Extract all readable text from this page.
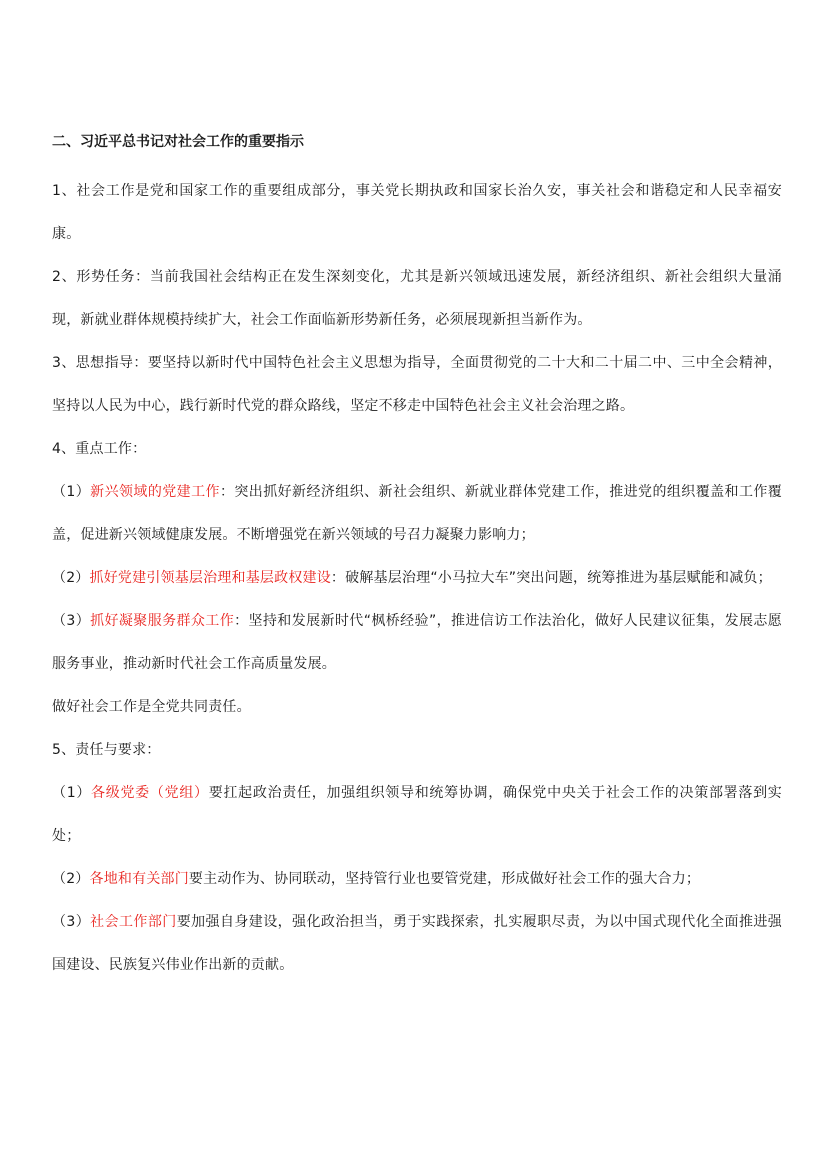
二、习近平总书记对社会工作的重要指示

1、社会工作是党和国家工作的重要组成部分，事关党长期执政和国家长治久安，事关社会和谐稳定和人民幸福安康。

2、形势任务：当前我国社会结构正在发生深刻变化，尤其是新兴领域迅速发展，新经济组织、新社会组织大量涌现，新就业群体规模持续扩大，社会工作面临新形势新任务，必须展现新担当新作为。

3、思想指导：要坚持以新时代中国特色社会主义思想为指导，全面贯彻党的二十大和二十届二中、三中全会精神，坚持以人民为中心，践行新时代党的群众路线，坚定不移走中国特色社会主义社会治理之路。

4、重点工作：

（1）新兴领域的党建工作：突出抓好新经济组织、新社会组织、新就业群体党建工作，推进党的组织覆盖和工作覆盖，促进新兴领域健康发展。不断增强党在新兴领域的号召力凝聚力影响力；

（2）抓好党建引领基层治理和基层政权建设：破解基层治理“小马拉大车”突出问题，统筹推进为基层赋能和减负；

（3）抓好凝聚服务群众工作：坚持和发展新时代“枫桥经验”，推进信访工作法治化，做好人民建议征集，发展志愿服务事业，推动新时代社会工作高质量发展。

做好社会工作是全党共同责任。

5、责任与要求：

（1）各级党委（党组）要扛起政治责任，加强组织领导和统筹协调，确保党中央关于社会工作的决策部署落到实处；

（2）各地和有关部门要主动作为、协同联动，坚持管行业也要管党建，形成做好社会工作的强大合力；

（3）社会工作部门要加强自身建设，强化政治担当，勇于实践探索，扎实履职尽责，为以中国式现代化全面推进强国建设、民族复兴伟业作出新的贡献。
